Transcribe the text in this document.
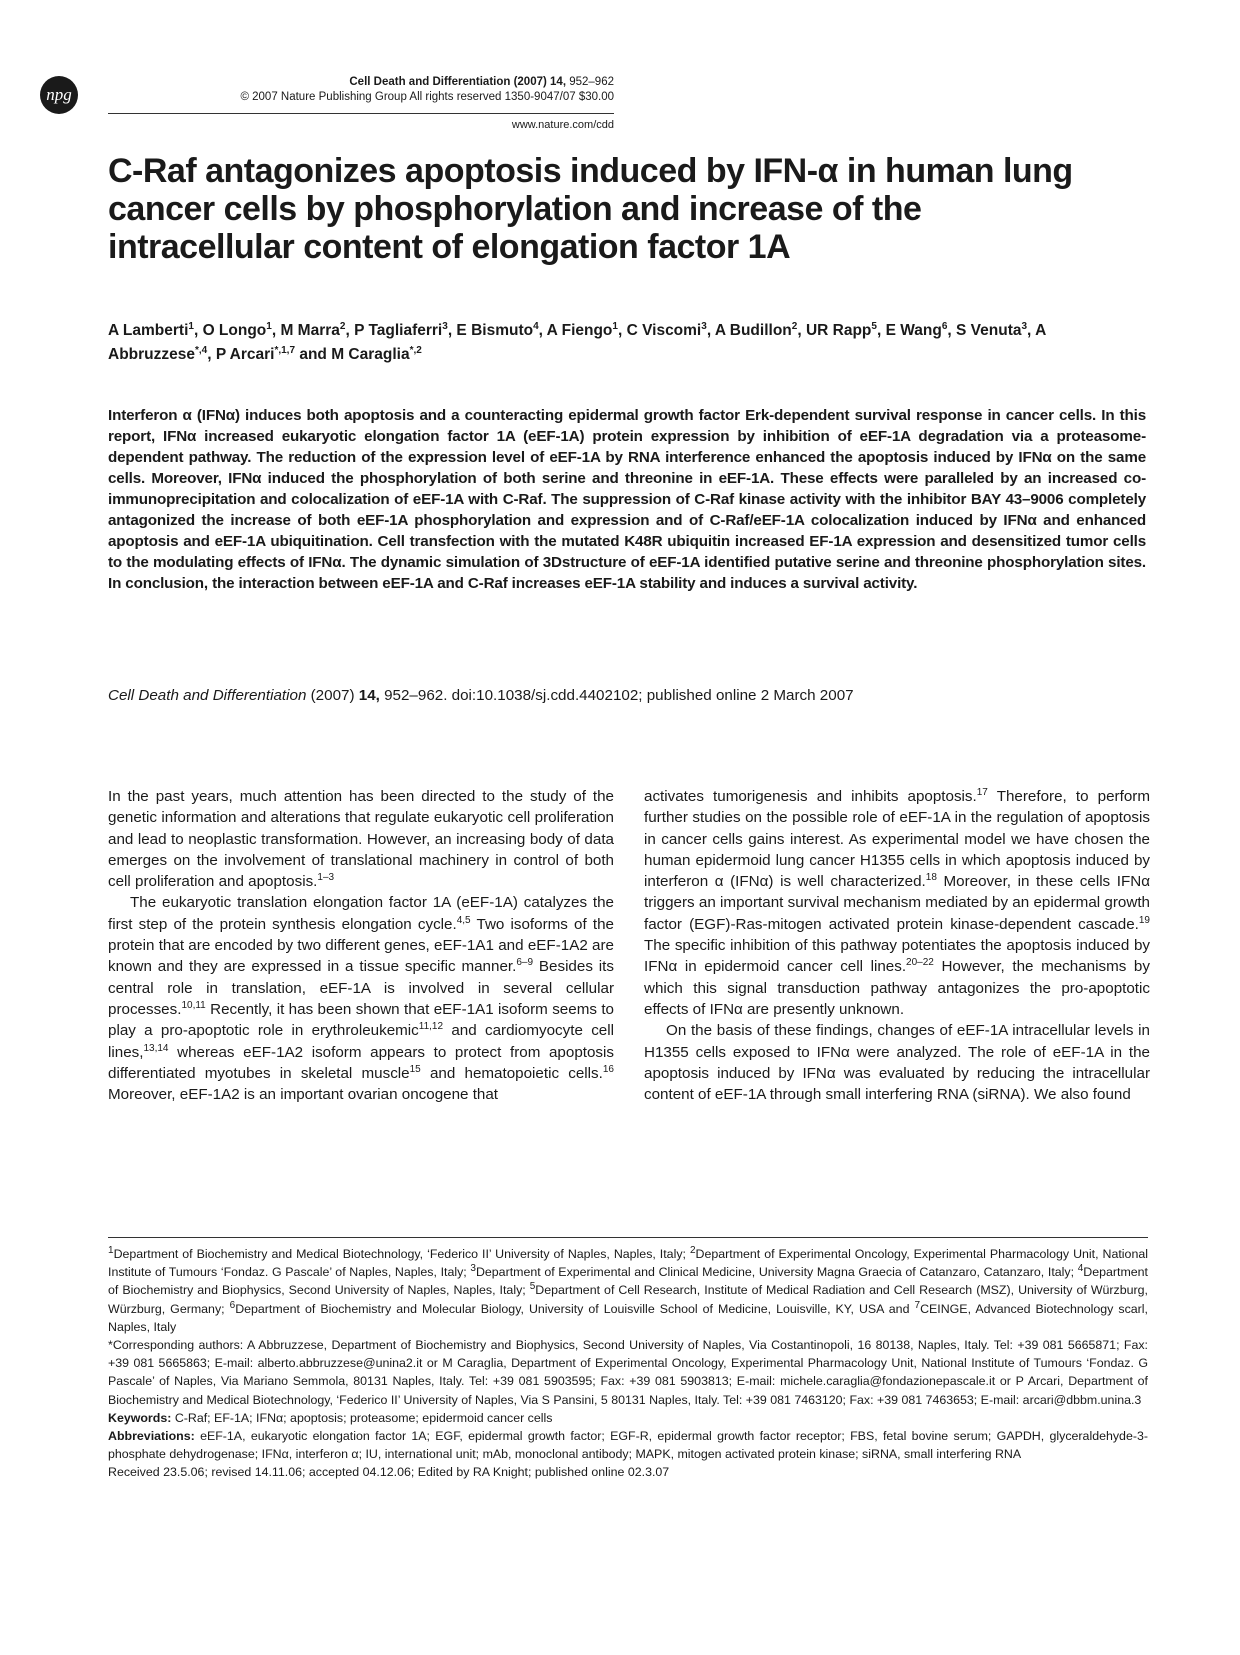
npg
Cell Death and Differentiation (2007) 14, 952–962
© 2007 Nature Publishing Group All rights reserved 1350-9047/07 $30.00
www.nature.com/cdd
C-Raf antagonizes apoptosis induced by IFN-α in human lung cancer cells by phosphorylation and increase of the intracellular content of elongation factor 1A
A Lamberti$^1$, O Longo$^1$, M Marra$^2$, P Tagliaferri$^3$, E Bismuto$^4$, A Fiengo$^1$, C Viscomi$^3$, A Budillon$^2$, UR Rapp$^5$, E Wang$^6$, S Venuta$^3$, A Abbruzzese$^{*,4}$, P Arcari$^{*,1,7}$ and M Caraglia$^{*,2}$
Interferon α (IFNα) induces both apoptosis and a counteracting epidermal growth factor Erk-dependent survival response in cancer cells. In this report, IFNα increased eukaryotic elongation factor 1A (eEF-1A) protein expression by inhibition of eEF-1A degradation via a proteasome-dependent pathway. The reduction of the expression level of eEF-1A by RNA interference enhanced the apoptosis induced by IFNα on the same cells. Moreover, IFNα induced the phosphorylation of both serine and threonine in eEF-1A. These effects were paralleled by an increased co-immunoprecipitation and colocalization of eEF-1A with C-Raf. The suppression of C-Raf kinase activity with the inhibitor BAY 43–9006 completely antagonized the increase of both eEF-1A phosphorylation and expression and of C-Raf/eEF-1A colocalization induced by IFNα and enhanced apoptosis and eEF-1A ubiquitination. Cell transfection with the mutated K48R ubiquitin increased EF-1A expression and desensitized tumor cells to the modulating effects of IFNα. The dynamic simulation of 3Dstructure of eEF-1A identified putative serine and threonine phosphorylation sites. In conclusion, the interaction between eEF-1A and C-Raf increases eEF-1A stability and induces a survival activity.
Cell Death and Differentiation (2007) 14, 952–962. doi:10.1038/sj.cdd.4402102; published online 2 March 2007

In the past years, much attention has been directed to the study of the genetic information and alterations that regulate eukaryotic cell proliferation and lead to neoplastic transformation. However, an increasing body of data emerges on the involvement of translational machinery in control of both cell proliferation and apoptosis.$^{1-3}$

The eukaryotic translation elongation factor 1A (eEF-1A) catalyzes the first step of the protein synthesis elongation cycle.$^{4,5}$ Two isoforms of the protein that are encoded by two different genes, eEF-1A1 and eEF-1A2 are known and they are expressed in a tissue specific manner.$^{6-9}$ Besides its central role in translation, eEF-1A is involved in several cellular processes.$^{10,11}$ Recently, it has been shown that eEF-1A1 isoform seems to play a pro-apoptotic role in erythroleukemic$^{11,12}$ and cardiomyocyte cell lines,$^{13,14}$ whereas eEF-1A2 isoform appears to protect from apoptosis differentiated myotubes in skeletal muscle$^{15}$ and hematopoietic cells.$^{16}$ Moreover, eEF-1A2 is an important ovarian oncogene that

activates tumorigenesis and inhibits apoptosis.$^{17}$ Therefore, to perform further studies on the possible role of eEF-1A in the regulation of apoptosis in cancer cells gains interest. As experimental model we have chosen the human epidermoid lung cancer H1355 cells in which apoptosis induced by interferon α (IFNα) is well characterized.$^{18}$ Moreover, in these cells IFNα triggers an important survival mechanism mediated by an epidermal growth factor (EGF)-Ras-mitogen activated protein kinase-dependent cascade.$^{19}$ The specific inhibition of this pathway potentiates the apoptosis induced by IFNα in epidermoid cancer cell lines.$^{20-22}$ However, the mechanisms by which this signal transduction pathway antagonizes the pro-apoptotic effects of IFNα are presently unknown.

On the basis of these findings, changes of eEF-1A intracellular levels in H1355 cells exposed to IFNα were analyzed. The role of eEF-1A in the apoptosis induced by IFNα was evaluated by reducing the intracellular content of eEF-1A through small interfering RNA (siRNA). We also found

$^1$Department of Biochemistry and Medical Biotechnology, ‘Federico II’ University of Naples, Naples, Italy; $^2$Department of Experimental Oncology, Experimental Pharmacology Unit, National Institute of Tumours ‘Fondaz. G Pascale’ of Naples, Naples, Italy; $^3$Department of Experimental and Clinical Medicine, University Magna Graecia of Catanzaro, Catanzaro, Italy; $^4$Department of Biochemistry and Biophysics, Second University of Naples, Naples, Italy; $^5$Department of Cell Research, Institute of Medical Radiation and Cell Research (MSZ), University of Würzburg, Würzburg, Germany; $^6$Department of Biochemistry and Molecular Biology, University of Louisville School of Medicine, Louisville, KY, USA and $^7$CEINGE, Advanced Biotechnology scarl, Naples, Italy

*Corresponding authors: A Abbruzzese, Department of Biochemistry and Biophysics, Second University of Naples, Via Costantinopoli, 16 80138, Naples, Italy. Tel: +39 081 5665871; Fax: +39 081 5665863; E-mail: alberto.abbruzzese@unina2.it or M Caraglia, Department of Experimental Oncology, Experimental Pharmacology Unit, National Institute of Tumours ‘Fondaz. G Pascale’ of Naples, Via Mariano Semmola, 80131 Naples, Italy. Tel: +39 081 5903595; Fax: +39 081 5903813; E-mail: michele.caraglia@fondazionepascale.it or P Arcari, Department of Biochemistry and Medical Biotechnology, ‘Federico II’ University of Naples, Via S Pansini, 5 80131 Naples, Italy. Tel: +39 081 7463120; Fax: +39 081 7463653; E-mail: arcari@dbbm.unina.3

Keywords: C-Raf; EF-1A; IFNα; apoptosis; proteasome; epidermoid cancer cells

Abbreviations: eEF-1A, eukaryotic elongation factor 1A; EGF, epidermal growth factor; EGF-R, epidermal growth factor receptor; FBS, fetal bovine serum; GAPDH, glyceraldehyde-3-phosphate dehydrogenase; IFNα, interferon α; IU, international unit; mAb, monoclonal antibody; MAPK, mitogen activated protein kinase; siRNA, small interfering RNA

Received 23.5.06; revised 14.11.06; accepted 04.12.06; Edited by RA Knight; published online 02.3.07
